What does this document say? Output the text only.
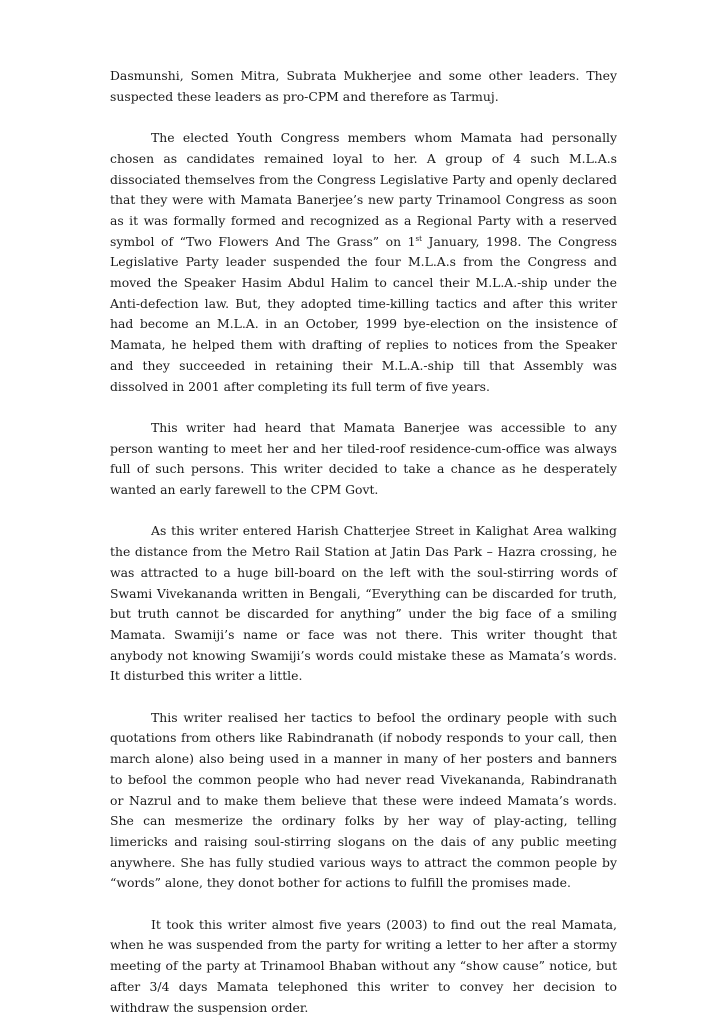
Dasmunshi, Somen Mitra, Subrata Mukherjee and some other leaders. They suspected these leaders as pro-CPM and therefore as Tarmuj.

The elected Youth Congress members whom Mamata had personally chosen as candidates remained loyal to her. A group of 4 such M.L.A.s dissociated themselves from the Congress Legislative Party and openly declared that they were with Mamata Banerjee’s new party Trinamool Congress as soon as it was formally formed and recognized as a Regional Party with a reserved symbol of “Two Flowers And The Grass” on 1st January, 1998. The Congress Legislative Party leader suspended the four M.L.A.s from the Congress and moved the Speaker Hasim Abdul Halim to cancel their M.L.A.-ship under the Anti-defection law. But, they adopted time-killing tactics and after this writer had become an M.L.A. in an October, 1999 bye-election on the insistence of Mamata, he helped them with drafting of replies to notices from the Speaker and they succeeded in retaining their M.L.A.-ship till that Assembly was dissolved in 2001 after completing its full term of five years.

This writer had heard that Mamata Banerjee was accessible to any person wanting to meet her and her tiled-roof residence-cum-office was always full of such persons. This writer decided to take a chance as he desperately wanted an early farewell to the CPM Govt.

As this writer entered Harish Chatterjee Street in Kalighat Area walking the distance from the Metro Rail Station at Jatin Das Park – Hazra crossing, he was attracted to a huge bill-board on the left with the soul-stirring words of Swami Vivekananda written in Bengali, “Everything can be discarded for truth, but truth cannot be discarded for anything” under the big face of a smiling Mamata. Swamiji’s name or face was not there. This writer thought that anybody not knowing Swamiji’s words could mistake these as Mamata’s words. It disturbed this writer a little.

This writer realised her tactics to befool the ordinary people with such quotations from others like Rabindranath (if nobody responds to your call, then march alone) also being used in a manner in many of her posters and banners to befool the common people who had never read Vivekananda, Rabindranath or Nazrul and to make them believe that these were indeed Mamata’s words. She can mesmerize the ordinary folks by her way of play-acting, telling limericks and raising soul-stirring slogans on the dais of any public meeting anywhere. She has fully studied various ways to attract the common people by “words” alone, they donot bother for actions to fulfill the promises made.

It took this writer almost five years (2003) to find out the real Mamata, when he was suspended from the party for writing a letter to her after a stormy meeting of the party at Trinamool Bhaban without any “show cause” notice, but after 3/4 days Mamata telephoned this writer to convey her decision to withdraw the suspension order.
